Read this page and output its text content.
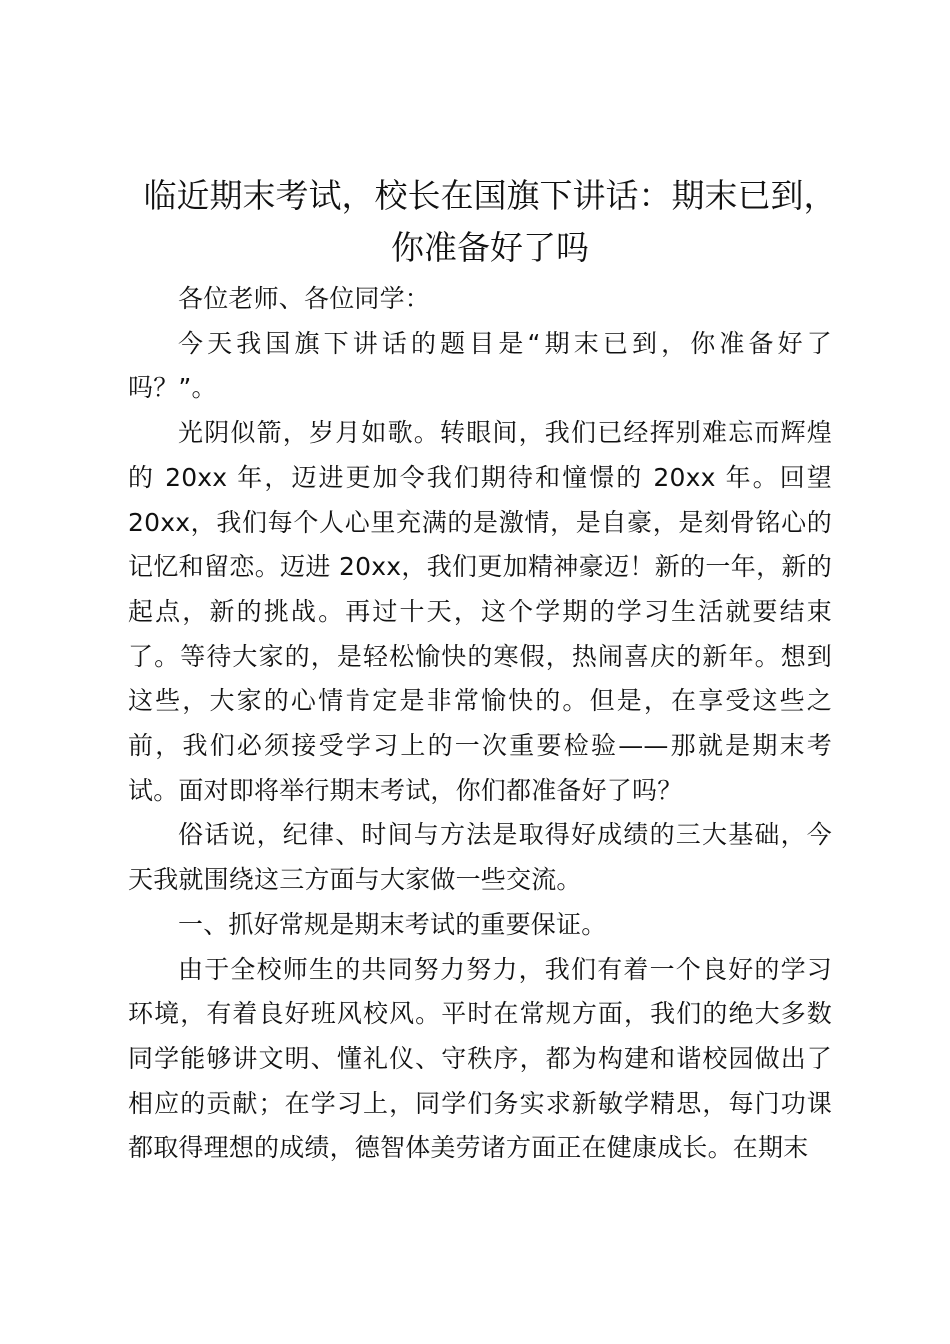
临近期末考试，校长在国旗下讲话：期末已到，
你准备好了吗

各位老师、各位同学：

今天我国旗下讲话的题目是“期末已到，你准备好了吗？”。

光阴似箭，岁月如歌。转眼间，我们已经挥别难忘而辉煌的 20xx 年，迈进更加令我们期待和憧憬的 20xx 年。回望 20xx，我们每个人心里充满的是激情，是自豪，是刻骨铭心的记忆和留恋。迈进 20xx，我们更加精神豪迈！新的一年，新的起点，新的挑战。再过十天，这个学期的学习生活就要结束了。等待大家的，是轻松愉快的寒假，热闹喜庆的新年。想到这些，大家的心情肯定是非常愉快的。但是，在享受这些之前，我们必须接受学习上的一次重要检验——那就是期末考试。面对即将举行期末考试，你们都准备好了吗？

俗话说，纪律、时间与方法是取得好成绩的三大基础，今天我就围绕这三方面与大家做一些交流。

一、抓好常规是期末考试的重要保证。

由于全校师生的共同努力努力，我们有着一个良好的学习环境，有着良好班风校风。平时在常规方面，我们的绝大多数同学能够讲文明、懂礼仪、守秩序，都为构建和谐校园做出了相应的贡献；在学习上，同学们务实求新敏学精思，每门功课都取得理想的成绩，德智体美劳诸方面正在健康成长。在期末
